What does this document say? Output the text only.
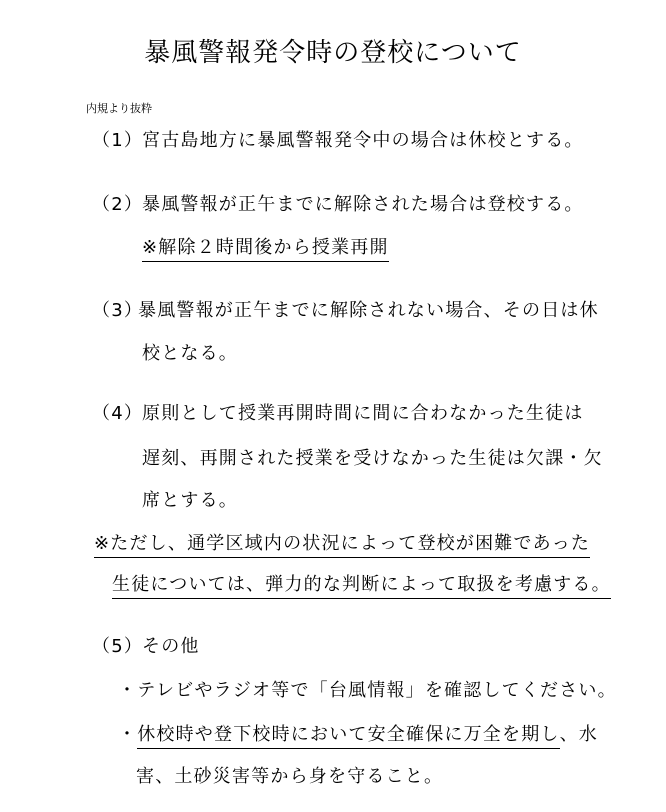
暴風警報発令時の登校について
内規より抜粋
（1）
宮古島地方に暴風警報発令中の場合は休校とする。
（2）
暴風警報が正午までに解除された場合は登校する。
※解除２時間後から授業再開
（3）
暴風警報が正午までに解除されない場合、その日は休
校となる。
（4）
原則として授業再開時間に間に合わなかった生徒は
遅刻、再開された授業を受けなかった生徒は欠課・欠
席とする。
※ただし、通学区域内の状況によって登校が困難であった
生徒については、弾力的な判断によって取扱を考慮する。
（5）
その他
・テレビやラジオ等で「台風情報」を確認してください。
・休校時や登下校時において安全確保に万全を期し、水
害、土砂災害等から身を守ること。
